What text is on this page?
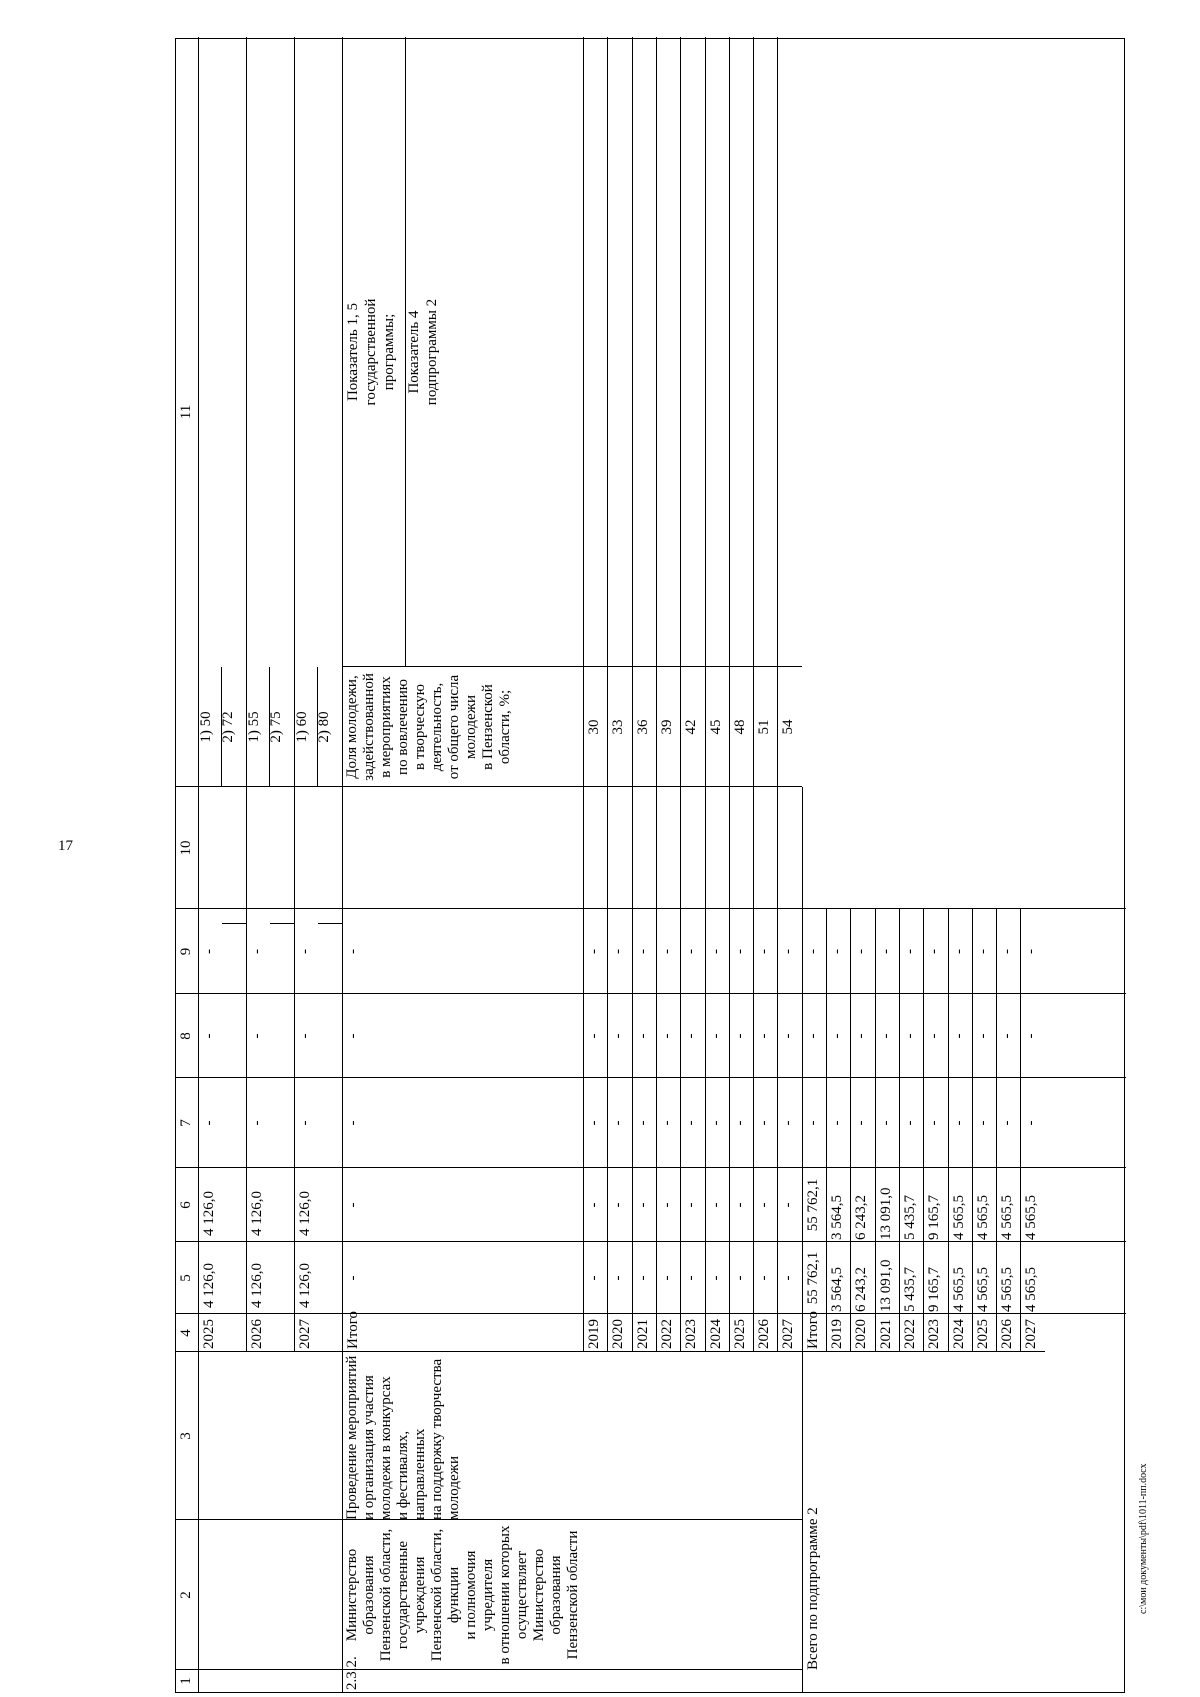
17
c:\мои документы\pdf\1011-пп.docx
1
2
3
4
5
6
7
8
9
10
11
2025
4 126,0
4 126,0
-
-
-
1) 50 2) 72
2026
4 126,0
4 126,0
-
-
-
1) 55 2) 75
2027
4 126,0
4 126,0
-
-
-
1) 60 2) 80
2.3.2.
Проведение мероприятий
и организация участия
молодежи в конкурсах
и фестивалях, направленных
на поддержку творчества
молодежи
Министерство
образования
Пензенской области,
государственные
учреждения
Пензенской области,
функции
и полномочия
учредителя
в отношении которых
осуществляет
Министерство
образования
Пензенской области
Итого
-
-
-
-
-
Доля молодежи,
задействованной
в мероприятиях
по вовлечению
в творческую
деятельность,
от общего числа
молодежи
в Пензенской
области, %;
Показатель 1, 5
государственной
программы; Показатель 4
подпрограммы 2
2019
-
-
-
-
-
30
2020
-
-
-
-
-
33
2021
-
-
-
-
-
36
2022
-
-
-
-
-
39
2023
-
-
-
-
-
42
2024
-
-
-
-
-
45
2025
-
-
-
-
-
48
2026
-
-
-
-
-
51
2027
-
-
-
-
-
54
Всего по подпрограмме 2
Итого
55 762,1
55 762,1
-
-
-
2019
3 564,5
3 564,5
-
-
-
2020
6 243,2
6 243,2
-
-
-
2021
13 091,0
13 091,0
-
-
-
2022
5 435,7
5 435,7
-
-
-
2023
9 165,7
9 165,7
-
-
-
2024
4 565,5
4 565,5
-
-
-
2025
4 565,5
4 565,5
-
-
-
2026
4 565,5
4 565,5
-
-
-
2027
4 565,5
4 565,5
-
-
-
